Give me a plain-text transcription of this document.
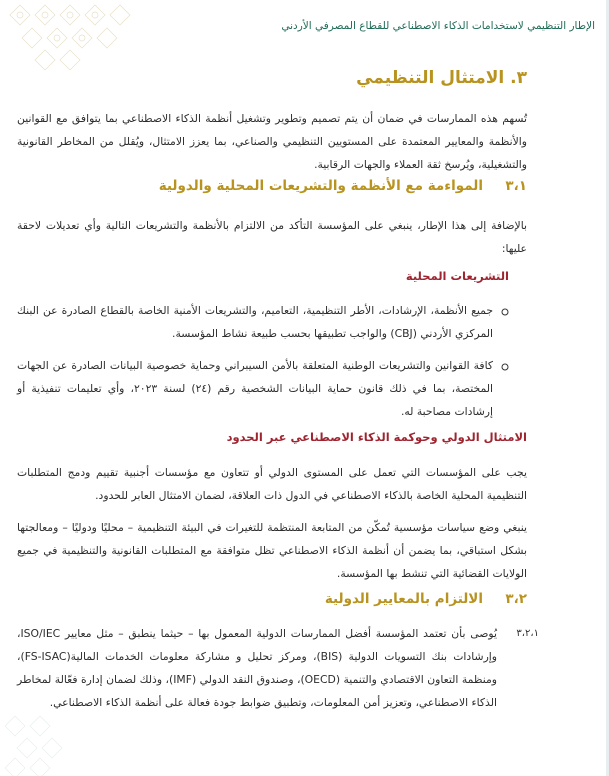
الإطار التنظيمي لاستخدامات الذكاء الاصطناعي للقطاع المصرفي الأردني
٣. الامتثال التنظيمي
تُسهم هذه الممارسات في ضمان أن يتم تصميم وتطوير وتشغيل أنظمة الذكاء الاصطناعي بما يتوافق مع القوانين والأنظمة والمعايير المعتمدة على المستويين التنظيمي والصناعي، بما يعزز الامتثال، ويُقلل من المخاطر القانونية والتشغيلية، ويُرسخ ثقة العملاء والجهات الرقابية.
٣،١
المواءمة مع الأنظمة والتشريعات المحلية والدولية
بالإضافة إلى هذا الإطار، ينبغي على المؤسسة التأكد من الالتزام بالأنظمة والتشريعات التالية وأي تعديلات لاحقة عليها:
التشريعات المحلية
جميع الأنظمة، الإرشادات، الأطر التنظيمية، التعاميم، والتشريعات الأمنية الخاصة بالقطاع الصادرة عن البنك المركزي الأردني (CBJ) والواجب تطبيقها بحسب طبيعة نشاط المؤسسة.
كافة القوانين والتشريعات الوطنية المتعلقة بالأمن السيبراني وحماية خصوصية البيانات الصادرة عن الجهات المختصة، بما في ذلك قانون حماية البيانات الشخصية رقم (٢٤) لسنة ٢٠٢٣، وأي تعليمات تنفيذية أو إرشادات مصاحبة له.
الامتثال الدولي وحوكمة الذكاء الاصطناعي عبر الحدود
يجب على المؤسسات التي تعمل على المستوى الدولي أو تتعاون مع مؤسسات أجنبية تقييم ودمج المتطلبات التنظيمية المحلية الخاصة بالذكاء الاصطناعي في الدول ذات العلاقة، لضمان الامتثال العابر للحدود.
ينبغي وضع سياسات مؤسسية تُمكّن من المتابعة المنتظمة للتغيرات في البيئة التنظيمية – محليًا ودوليًا – ومعالجتها بشكل استباقي، بما يضمن أن أنظمة الذكاء الاصطناعي تظل متوافقة مع المتطلبات القانونية والتنظيمية في جميع الولايات القضائية التي تنشط بها المؤسسة.
٣،٢
الالتزام بالمعايير الدولية
٣،٢،١
يُوصى بأن تعتمد المؤسسة أفضل الممارسات الدولية المعمول بها – حيثما ينطبق – مثل معايير ISO/IEC، وإرشادات بنك التسويات الدولية (BIS)، ومركز تحليل و مشاركة معلومات الخدمات المالية(FS-ISAC)، ومنظمة التعاون الاقتصادي والتنمية (OECD)، وصندوق النقد الدولي (IMF)، وذلك لضمان إدارة فعّالة لمخاطر الذكاء الاصطناعي، وتعزيز أمن المعلومات، وتطبيق ضوابط جودة فعالة على أنظمة الذكاء الاصطناعي.
